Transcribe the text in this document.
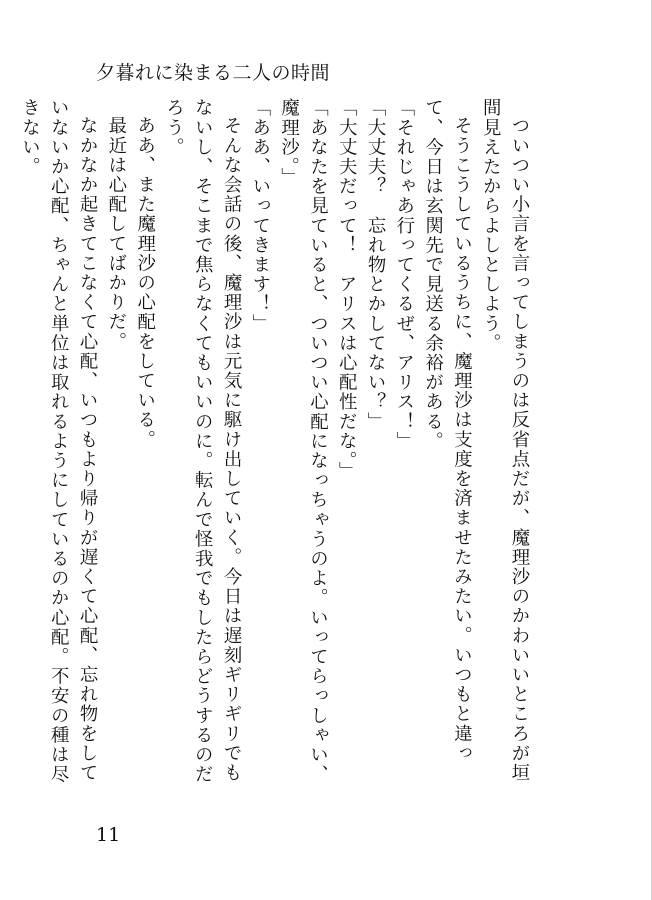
夕暮れに染まる二人の時間

ついつい小言を言ってしまうのは反省点だが、魔理沙のかわいいところが垣間見えたからよしとしよう。

そうこうしているうちに、魔理沙は支度を済ませたみたい。いつもと違って、今日は玄関先で見送る余裕がある。

「それじゃあ行ってくるぜ、アリス！」

「大丈夫？　忘れ物とかしてない？」

「大丈夫だって！　アリスは心配性だな。」

「あなたを見ていると、ついつい心配になっちゃうのよ。いってらっしゃい、魔理沙。」

「ああ、いってきます！」

そんな会話の後、魔理沙は元気に駆け出していく。今日は遅刻ギリギリでもないし、そこまで焦らなくてもいいのに。転んで怪我でもしたらどうするのだろう。

ああ、また魔理沙の心配をしている。

最近は心配してばかりだ。

なかなか起きてこなくて心配、いつもより帰りが遅くて心配、忘れ物をしていないか心配、ちゃんと単位は取れるようにしているのか心配。不安の種は尽きない。

11
